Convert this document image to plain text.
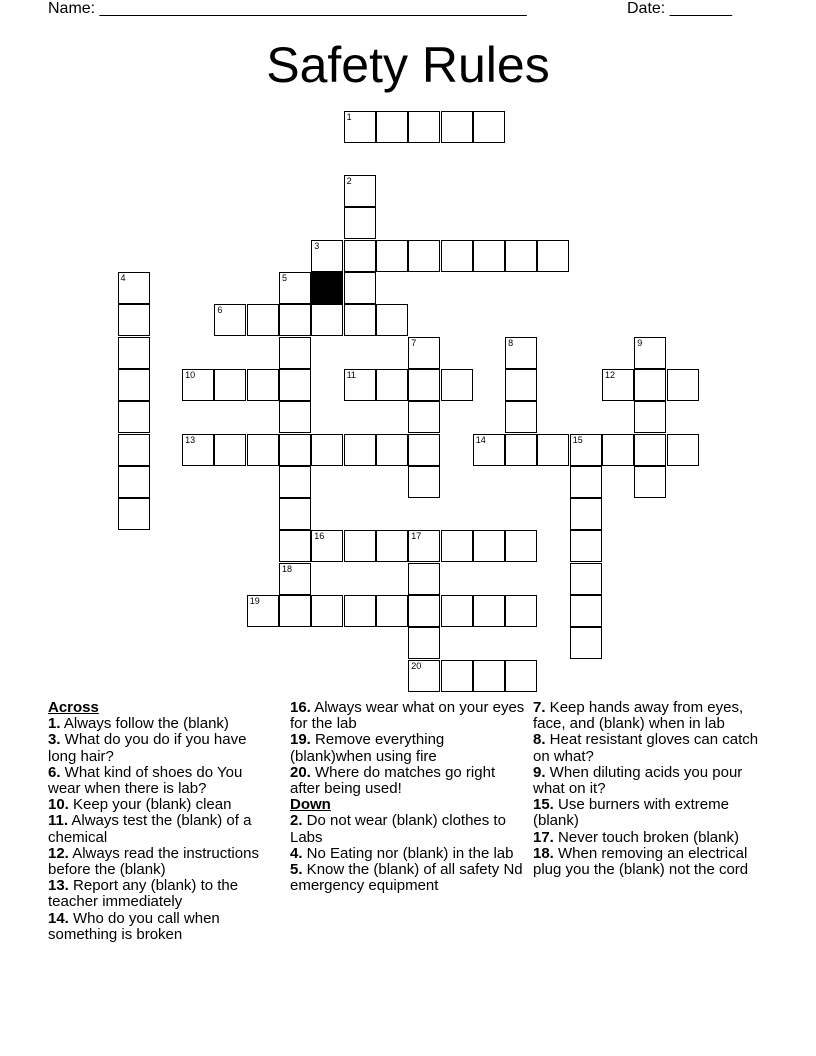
Name: ________________________________________________	Date: _______
Safety Rules
1
2
3
4	5
18
6
7	8	9
10	11	12
13	14	15
16	17
20
19

Across

1. Always follow the (blank)

3. What do you do if you have long hair?

6. What kind of shoes do You wear when there is lab?

10. Keep your (blank) clean

11. Always test the (blank) of a chemical

12. Always read the instructions before the (blank)

13. Report any (blank) to the teacher immediately

14. Who do you call when something is broken

16. Always wear what on your eyes for the lab

19. Remove everything (blank)when using fire

20. Where do matches go right after being used!

Down

2. Do not wear (blank) clothes to Labs

4. No Eating nor (blank) in the lab

5. Know the (blank) of all safety Nd emergency equipment

7. Keep hands away from eyes, face, and (blank) when in lab

8. Heat resistant gloves can catch on what?

9. When diluting acids you pour what on it?

15. Use burners with extreme (blank)

17. Never touch broken (blank)

18. When removing an electrical plug you the (blank) not the cord
